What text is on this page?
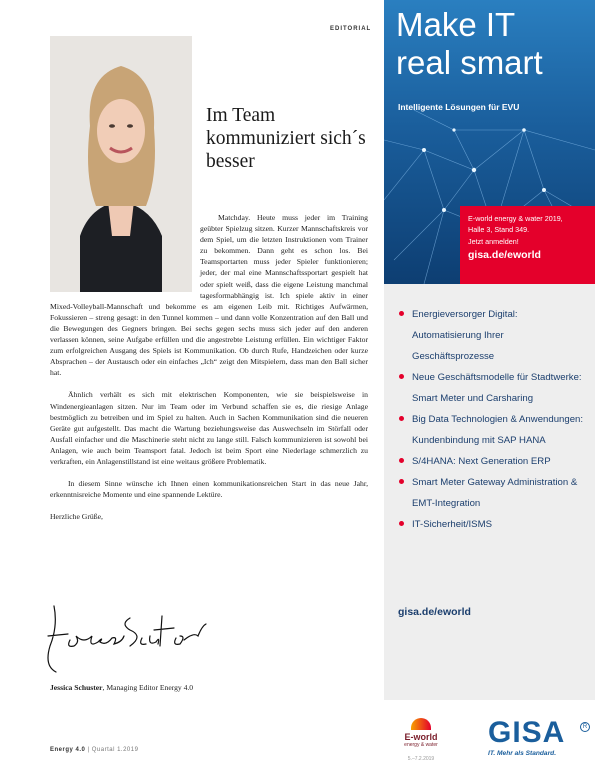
EDITORIAL
Im Team kommuniziert sich´s besser

Matchday. Heute muss jeder im Training geübter Spielzug sitzen. Kurzer Mannschaftskreis vor dem Spiel, um die letzten Instruktionen vom Trainer zu bekommen. Dann geht es schon los. Bei Teamsportarten muss jeder Spieler funktionieren; jeder, der mal eine Mannschaftssportart gespielt hat oder spielt weiß, dass die eigene Leistung manchmal tagesformabhängig ist. Ich spiele aktiv in einer Mixed-Volleyball-Mannschaft und bekomme es am eigenen Leib mit. Richtiges Aufwärmen, Fokussieren – streng gesagt: in den Tunnel kommen – und dann volle Konzentration auf den Ball und die Bewegungen des Gegners bringen. Bei sechs gegen sechs muss sich jeder auf den anderen verlassen können, seine Aufgabe erfüllen und die angestrebte Leistung erfüllen. Ein wichtiger Faktor zum erfolgreichen Ausgang des Spiels ist Kommunikation. Ob durch Rufe, Handzeichen oder kurze Absprachen – der Austausch oder ein einfaches „Ich“ zeigt den Mitspielern, dass man den Ball sicher hat.

Ähnlich verhält es sich mit elektrischen Komponenten, wie sie beispielsweise in Windenergieanlagen sitzen. Nur im Team oder im Verbund schaffen sie es, die riesige Anlage bestmöglich zu betreiben und im Spiel zu halten. Auch in Sachen Kommunikation sind die neueren Geräte gut aufgestellt. Das macht die Wartung beziehungsweise das Auswechseln im Störfall oder Ausfall einfacher und die Maschinerie steht nicht zu lange still. Falsch kommunizieren ist sowohl bei Anlagen, wie auch beim Teamsport fatal. Jedoch ist beim Sport eine Niederlage schmerzlich zu verkraften, ein Anlagenstillstand ist eine weitaus größere Problematik.

In diesem Sinne wünsche ich Ihnen einen kommunikationsreichen Start in das neue Jahr, erkenntnisreiche Momente und eine spannende Lektüre.

Herzliche Grüße,

Jessica Schuster, Managing Editor Energy 4.0
Energy 4.0 | Quartal 1.2019
Make IT
real smart
Intelligente Lösungen für EVU
E-world energy & water 2019,
Halle 3, Stand 349.
Jetzt anmelden!
gisa.de/eworld
Energieversorger Digital: Automatisierung Ihrer Geschäftsprozesse
Neue Geschäftsmodelle für Stadtwerke: Smart Meter und Carsharing
Big Data Technologien & Anwendungen: Kundenbindung mit SAP HANA
S/4HANA: Next Generation ERP
Smart Meter Gateway Administration & EMT-Integration
IT-Sicherheit/ISMS
gisa.de/eworld
E-world
energy & water
5.–7.2.2019
GISA	R
IT. Mehr als Standard.
